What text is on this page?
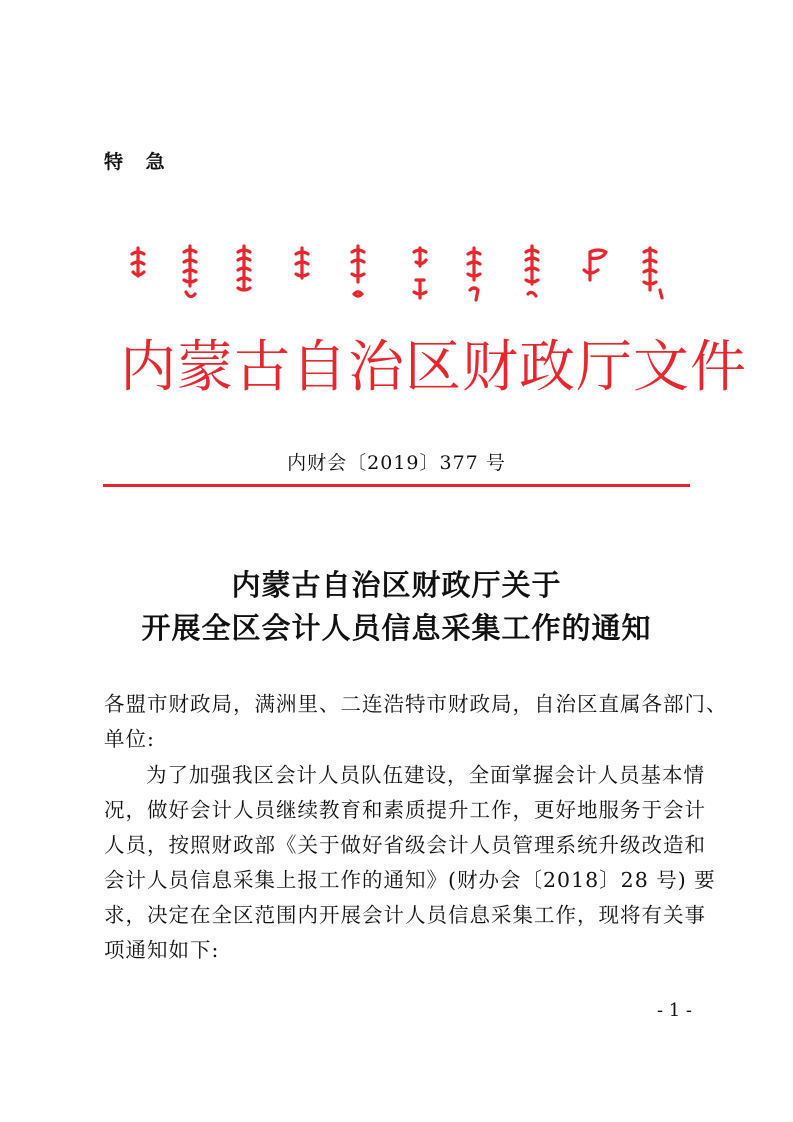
特 急
内蒙古自治区财政厅文件
内财会〔2019〕377 号
内蒙古自治区财政厅关于
开展全区会计人员信息采集工作的通知
各盟市财政局，满洲里、二连浩特市财政局，自治区直属各部门、
单位:
为了加强我区会计人员队伍建设，全面掌握会计人员基本情
况，做好会计人员继续教育和素质提升工作，更好地服务于会计
人员，按照财政部《关于做好省级会计人员管理系统升级改造和
会计人员信息采集上报工作的通知》(财办会〔2018〕28 号) 要
求，决定在全区范围内开展会计人员信息采集工作，现将有关事
项通知如下:
- 1 -
